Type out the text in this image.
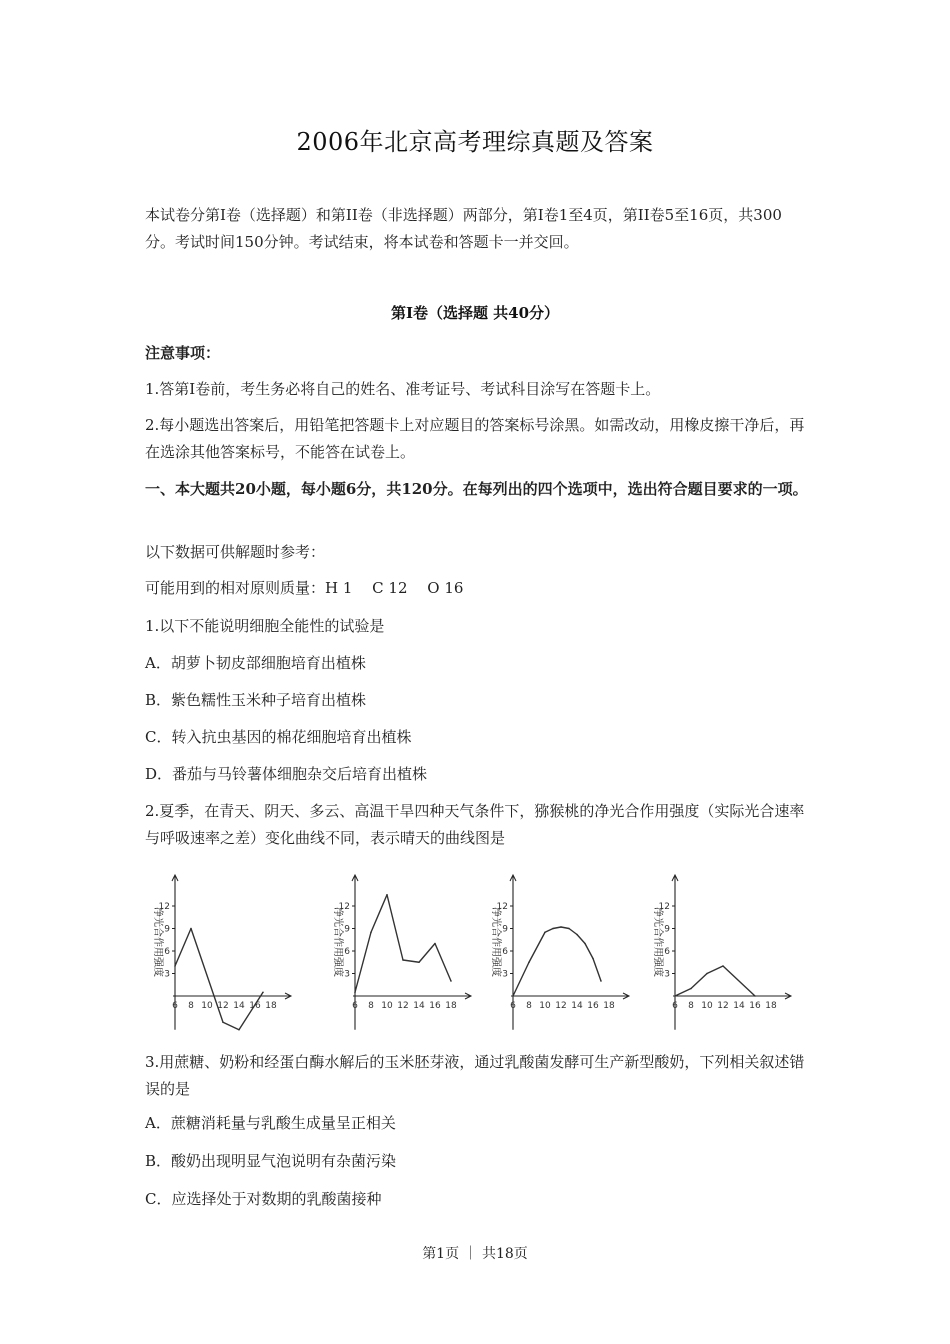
2006年北京高考理综真题及答案
本试卷分第Ⅰ卷（选择题）和第II卷（非选择题）两部分，第Ⅰ卷1至4页，第II卷5至16页，共300分。考试时间150分钟。考试结束，将本试卷和答题卡一并交回。
第Ⅰ卷（选择题 共40分）
注意事项：
1.答第Ⅰ卷前，考生务必将自己的姓名、准考证号、考试科目涂写在答题卡上。
2.每小题选出答案后，用铅笔把答题卡上对应题目的答案标号涂黑。如需改动，用橡皮擦干净后，再在选涂其他答案标号，不能答在试卷上。
一、本大题共20小题，每小题6分，共120分。在每列出的四个选项中，选出符合题目要求的一项。
以下数据可供解题时参考：
可能用到的相对原则质量：H 1　 C 12　 O 16
1.以下不能说明细胞全能性的试验是
A．胡萝卜韧皮部细胞培育出植株
B．紫色糯性玉米种子培育出植株
C．转入抗虫基因的棉花细胞培育出植株
D．番茄与马铃薯体细胞杂交后培育出植株
2.夏季，在青天、阴天、多云、高温干旱四种天气条件下，猕猴桃的净光合作用强度（实际光合速率与呼吸速率之差）变化曲线不同，表示晴天的曲线图是
3
6
9
12
6 8 10 12 14 16 18
净光合作用强度	3
6
9
12
6 8 10 12 14 16 18
净光合作用强度	3
6
9
12
6 8 10 12 14 16 18
净光合作用强度	3
6
9
12
6 8 10 12 14 16 18
净光合作用强度
3.用蔗糖、奶粉和经蛋白酶水解后的玉米胚芽液，通过乳酸菌发酵可生产新型酸奶，下列相关叙述错误的是
A．蔗糖消耗量与乳酸生成量呈正相关
B．酸奶出现明显气泡说明有杂菌污染
C．应选择处于对数期的乳酸菌接种
第1页 ｜ 共18页
